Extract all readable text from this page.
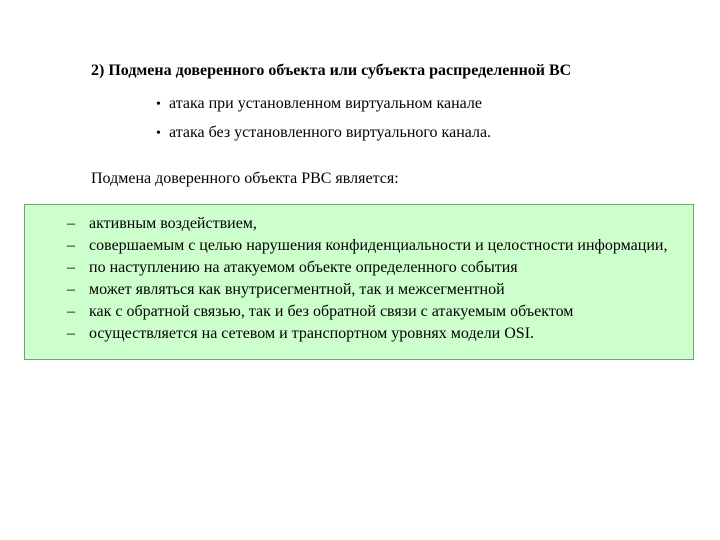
2) Подмена доверенного объекта или субъекта распределенной ВС
• атака при установленном виртуальном канале
• атака без установленного виртуального канала.
Подмена доверенного объекта РВС является:
– активным воздействием,
– совершаемым с целью нарушения конфиденциальности и целостности информации,
– по наступлению на атакуемом объекте определенного события
– может являться как внутрисегментной, так и межсегментной
– как с обратной связью, так и без обратной связи с атакуемым объектом
– осуществляется на сетевом и транспортном уровнях модели OSI.
